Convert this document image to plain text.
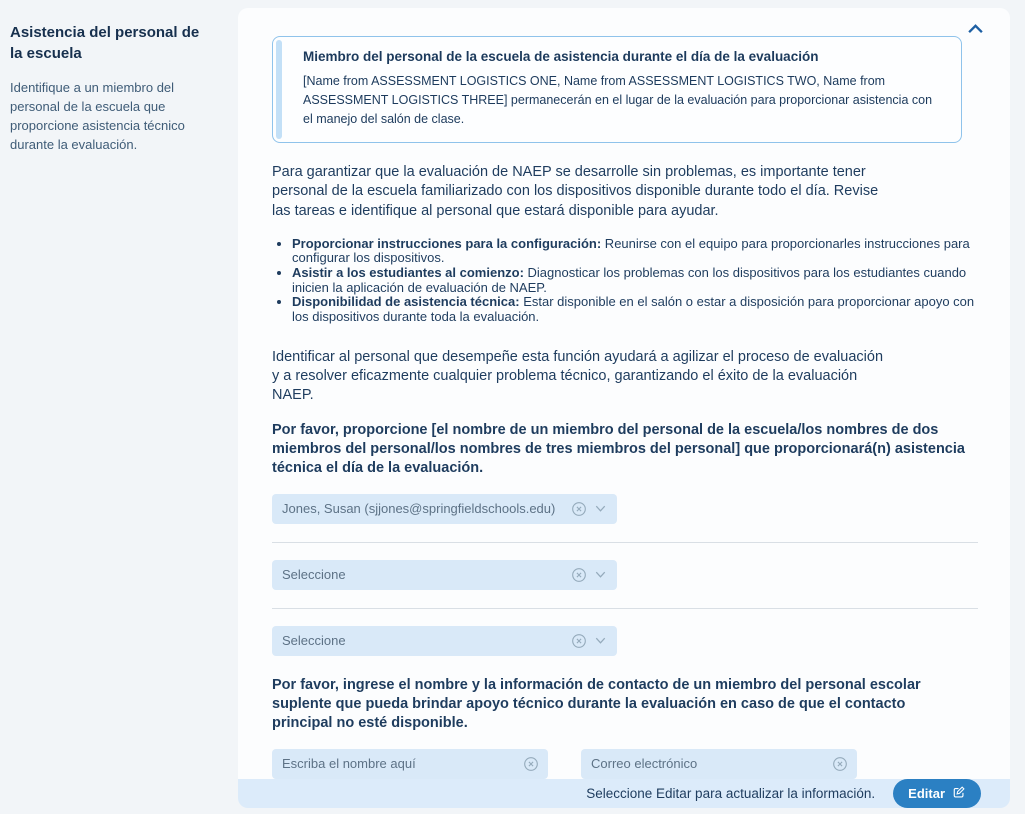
Asistencia del personal de la escuela

Identifique a un miembro del personal de la escuela que proporcione asistencia técnico durante la evaluación.

Miembro del personal de la escuela de asistencia durante el día de la evaluación
[Name from ASSESSMENT LOGISTICS ONE, Name from ASSESSMENT LOGISTICS TWO, Name from ASSESSMENT LOGISTICS THREE] permanecerán en el lugar de la evaluación para proporcionar asistencia con el manejo del salón de clase.

Para garantizar que la evaluación de NAEP se desarrolle sin problemas, es importante tener personal de la escuela familiarizado con los dispositivos disponible durante todo el día. Revise las tareas e identifique al personal que estará disponible para ayudar.

• Proporcionar instrucciones para la configuración: Reunirse con el equipo para proporcionarles instrucciones para configurar los dispositivos.
• Asistir a los estudiantes al comienzo: Diagnosticar los problemas con los dispositivos para los estudiantes cuando inicien la aplicación de evaluación de NAEP.
• Disponibilidad de asistencia técnica: Estar disponible en el salón o estar a disposición para proporcionar apoyo con los dispositivos durante toda la evaluación.

Identificar al personal que desempeñe esta función ayudará a agilizar el proceso de evaluación y a resolver eficazmente cualquier problema técnico, garantizando el éxito de la evaluación NAEP.

Por favor, proporcione [el nombre de un miembro del personal de la escuela/los nombres de dos miembros del personal/los nombres de tres miembros del personal] que proporcionará(n) asistencia técnica el día de la evaluación.

Jones, Susan (sjjones@springfieldschools.edu)
Seleccione
Seleccione

Por favor, ingrese el nombre y la información de contacto de un miembro del personal escolar suplente que pueda brindar apoyo técnico durante la evaluación en caso de que el contacto principal no esté disponible.

Escriba el nombre aquí
Correo electrónico
Seleccione Editar para actualizar la información.	Editar
